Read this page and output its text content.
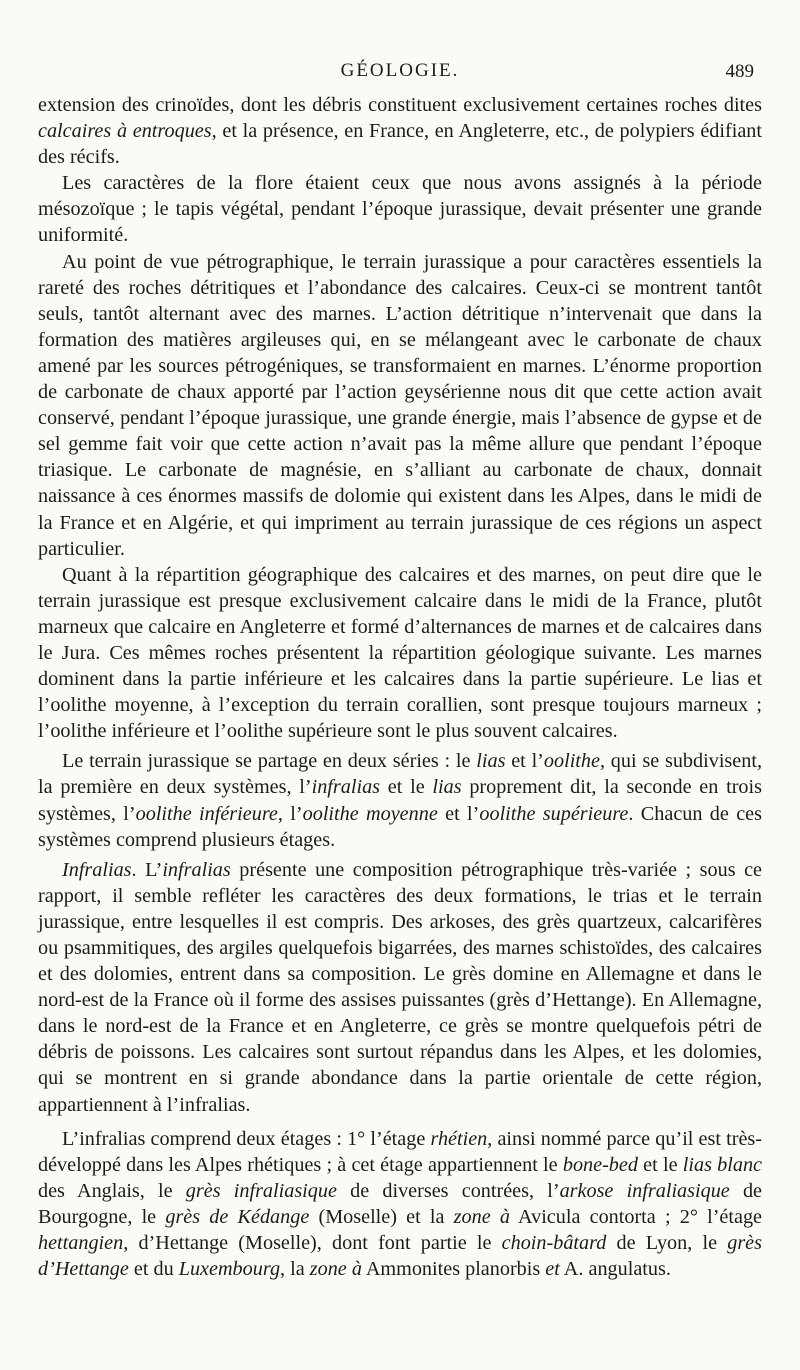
GÉOLOGIE.	489

extension des crinoïdes, dont les débris constituent exclusivement certaines roches dites calcaires à entroques, et la présence, en France, en Angleterre, etc., de polypiers édifiant des récifs.

Les caractères de la flore étaient ceux que nous avons assignés à la période mésozoïque ; le tapis végétal, pendant l’époque jurassique, devait présenter une grande uniformité.

Au point de vue pétrographique, le terrain jurassique a pour caractères essentiels la rareté des roches détritiques et l’abondance des calcaires. Ceux-ci se montrent tantôt seuls, tantôt alternant avec des marnes. L’action détritique n’intervenait que dans la formation des matières argileuses qui, en se mélangeant avec le carbonate de chaux amené par les sources pétrogéniques, se transformaient en marnes. L’énorme proportion de carbonate de chaux apporté par l’action geysérienne nous dit que cette action avait conservé, pendant l’époque jurassique, une grande énergie, mais l’absence de gypse et de sel gemme fait voir que cette action n’avait pas la même allure que pendant l’époque triasique. Le carbonate de magnésie, en s’alliant au carbonate de chaux, donnait naissance à ces énormes massifs de dolomie qui existent dans les Alpes, dans le midi de la France et en Algérie, et qui impriment au terrain jurassique de ces régions un aspect particulier.

Quant à la répartition géographique des calcaires et des marnes, on peut dire que le terrain jurassique est presque exclusivement calcaire dans le midi de la France, plutôt marneux que calcaire en Angleterre et formé d’alternances de marnes et de calcaires dans le Jura. Ces mêmes roches présentent la répartition géologique suivante. Les marnes dominent dans la partie inférieure et les calcaires dans la partie supérieure. Le lias et l’oolithe moyenne, à l’exception du terrain corallien, sont presque toujours marneux ; l’oolithe inférieure et l’oolithe supérieure sont le plus souvent calcaires.

Le terrain jurassique se partage en deux séries : le lias et l’oolithe, qui se subdivisent, la première en deux systèmes, l’infralias et le lias proprement dit, la seconde en trois systèmes, l’oolithe inférieure, l’oolithe moyenne et l’oolithe supérieure. Chacun de ces systèmes comprend plusieurs étages.

Infralias. L’infralias présente une composition pétrographique très-variée ; sous ce rapport, il semble refléter les caractères des deux formations, le trias et le terrain jurassique, entre lesquelles il est compris. Des arkoses, des grès quartzeux, calcarifères ou psammitiques, des argiles quelquefois bigarrées, des marnes schistoïdes, des calcaires et des dolomies, entrent dans sa composition. Le grès domine en Allemagne et dans le nord-est de la France où il forme des assises puissantes (grès d’Hettange). En Allemagne, dans le nord-est de la France et en Angleterre, ce grès se montre quelquefois pétri de débris de poissons. Les calcaires sont surtout répandus dans les Alpes, et les dolomies, qui se montrent en si grande abondance dans la partie orientale de cette région, appartiennent à l’infralias.

L’infralias comprend deux étages : 1° l’étage rhétien, ainsi nommé parce qu’il est très-développé dans les Alpes rhétiques ; à cet étage appartiennent le bone-bed et le lias blanc des Anglais, le grès infraliasique de diverses contrées, l’arkose infraliasique de Bourgogne, le grès de Kédange (Moselle) et la zone à Avicula contorta ; 2° l’étage hettangien, d’Hettange (Moselle), dont font partie le choin-bâtard de Lyon, le grès d’Hettange et du Luxembourg, la zone à Ammonites planorbis et A. angulatus.
